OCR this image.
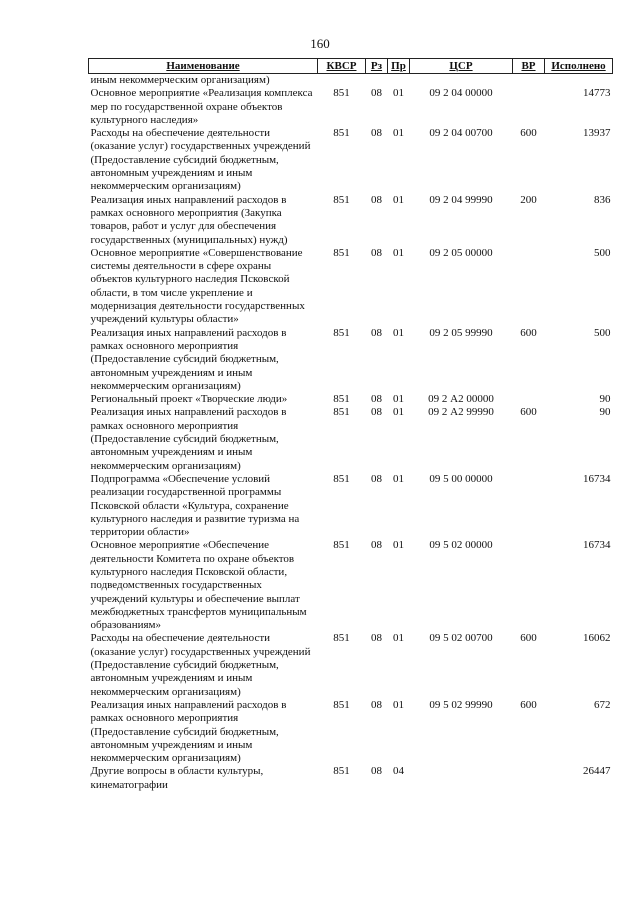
160
Наименование	КВСР	Рз	Пр	ЦСР	ВР	Исполнено
иным некоммерческим организациям)						
Основное мероприятие «Реализация комплекса мер по государственной охране объектов культурного наследия»	851	08	01	09 2 04 00000		14773
Расходы на обеспечение деятельности (оказание услуг) государственных учреждений (Предоставление субсидий бюджетным, автономным учреждениям и иным некоммерческим организациям)	851	08	01	09 2 04 00700	600	13937
Реализация иных направлений расходов в рамках основного мероприятия (Закупка товаров, работ и услуг для обеспечения государственных (муниципальных) нужд)	851	08	01	09 2 04 99990	200	836
Основное мероприятие «Совершенствование системы деятельности в сфере охраны объектов культурного наследия Псковской области, в том числе укрепление и модернизация деятельности государственных учреждений культуры области»	851	08	01	09 2 05 00000		500
Реализация иных направлений расходов в рамках основного мероприятия (Предоставление субсидий бюджетным, автономным учреждениям и иным некоммерческим организациям)	851	08	01	09 2 05 99990	600	500
Региональный проект «Творческие люди»	851	08	01	09 2 А2 00000		90
Реализация иных направлений расходов в рамках основного мероприятия (Предоставление субсидий бюджетным, автономным учреждениям и иным некоммерческим организациям)	851	08	01	09 2 А2 99990	600	90
Подпрограмма «Обеспечение условий реализации государственной программы Псковской области «Культура, сохранение культурного наследия и развитие туризма на территории области»	851	08	01	09 5 00 00000		16734
Основное мероприятие «Обеспечение деятельности Комитета по охране объектов культурного наследия Псковской области, подведомственных государственных учреждений культуры и обеспечение выплат межбюджетных трансфертов муниципальным образованиям»	851	08	01	09 5 02 00000		16734
Расходы на обеспечение деятельности (оказание услуг) государственных учреждений (Предоставление субсидий бюджетным, автономным учреждениям и иным некоммерческим организациям)	851	08	01	09 5 02 00700	600	16062
Реализация иных направлений расходов в рамках основного мероприятия (Предоставление субсидий бюджетным, автономным учреждениям и иным некоммерческим организациям)	851	08	01	09 5 02 99990	600	672
Другие вопросы в области культуры, кинематографии	851	08	04			26447
